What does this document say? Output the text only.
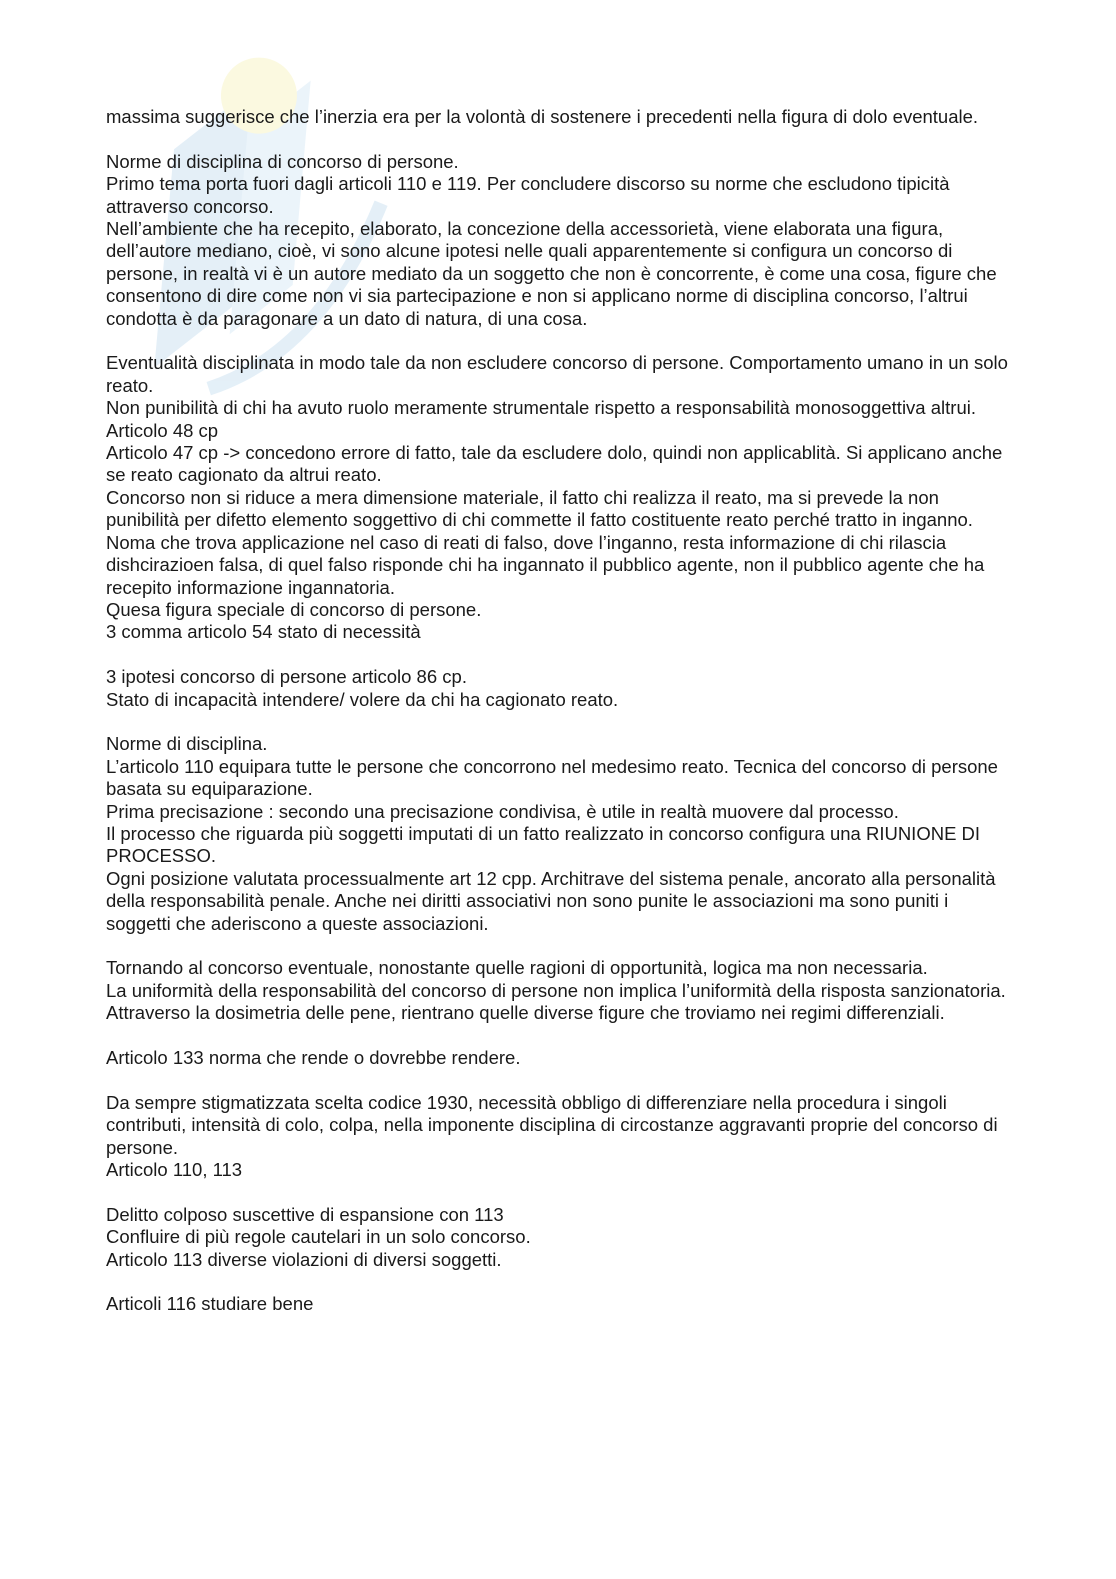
massima suggerisce che l’inerzia era per la volontà di sostenere i precedenti nella figura di dolo eventuale.
Norme di disciplina di concorso di persone.
Primo tema porta fuori dagli articoli 110 e 119. Per concludere discorso su norme che escludono tipicità attraverso concorso.
Nell’ambiente che ha recepito, elaborato, la concezione della accessorietà, viene elaborata una figura, dell’autore mediano, cioè, vi sono alcune ipotesi nelle quali apparentemente si configura un concorso di persone, in realtà vi è un autore mediato da un soggetto che non è concorrente, è come una cosa, figure che consentono di dire come non vi sia partecipazione e non si applicano norme di disciplina concorso, l’altrui condotta è da paragonare a un dato di natura, di una cosa.
Eventualità disciplinata in modo tale da non escludere concorso di persone. Comportamento umano in un solo reato.
Non punibilità di chi ha avuto ruolo meramente strumentale rispetto a responsabilità monosoggettiva altrui.
Articolo 48 cp
Articolo 47 cp -> concedono errore di fatto, tale da escludere dolo, quindi non applicablità. Si applicano anche se reato cagionato da altrui reato.
Concorso non si riduce a mera dimensione materiale, il fatto chi realizza il reato, ma si prevede la non punibilità per difetto elemento soggettivo di chi commette il fatto costituente reato perché tratto in inganno. Noma che trova applicazione nel caso di reati di falso, dove l’inganno, resta informazione di chi rilascia dishcirazioen falsa, di quel falso risponde chi ha ingannato il pubblico agente, non il pubblico agente che ha recepito informazione ingannatoria.
Quesa figura speciale di concorso di persone.
3 comma articolo 54 stato di necessità
3 ipotesi concorso di persone articolo 86 cp.
Stato di incapacità intendere/ volere da chi ha cagionato reato.
Norme di disciplina.
L’articolo 110 equipara tutte le persone che concorrono nel medesimo reato. Tecnica del concorso di persone basata su equiparazione.
Prima precisazione : secondo una precisazione condivisa, è utile in realtà muovere dal processo.
Il processo che riguarda più soggetti imputati di un fatto realizzato in concorso configura una RIUNIONE DI PROCESSO.
Ogni posizione valutata processualmente art 12 cpp. Architrave del sistema penale, ancorato alla personalità della responsabilità penale. Anche nei diritti associativi non sono punite le associazioni ma sono puniti i soggetti che aderiscono a queste associazioni.
Tornando al concorso eventuale, nonostante quelle ragioni di opportunità, logica ma non necessaria.
La uniformità della responsabilità del concorso di persone non implica l’uniformità della risposta sanzionatoria.
Attraverso la dosimetria delle pene, rientrano quelle diverse figure che troviamo nei regimi differenziali.
Articolo 133 norma che rende o dovrebbe rendere.
Da sempre stigmatizzata scelta codice 1930, necessità obbligo di differenziare nella procedura i singoli contributi, intensità di colo, colpa, nella imponente disciplina di circostanze aggravanti proprie del concorso di persone.
Articolo 110, 113
Delitto colposo suscettive di espansione con 113
Confluire di più regole cautelari in un solo concorso.
Articolo 113 diverse violazioni di diversi soggetti.
Articoli 116 studiare bene
